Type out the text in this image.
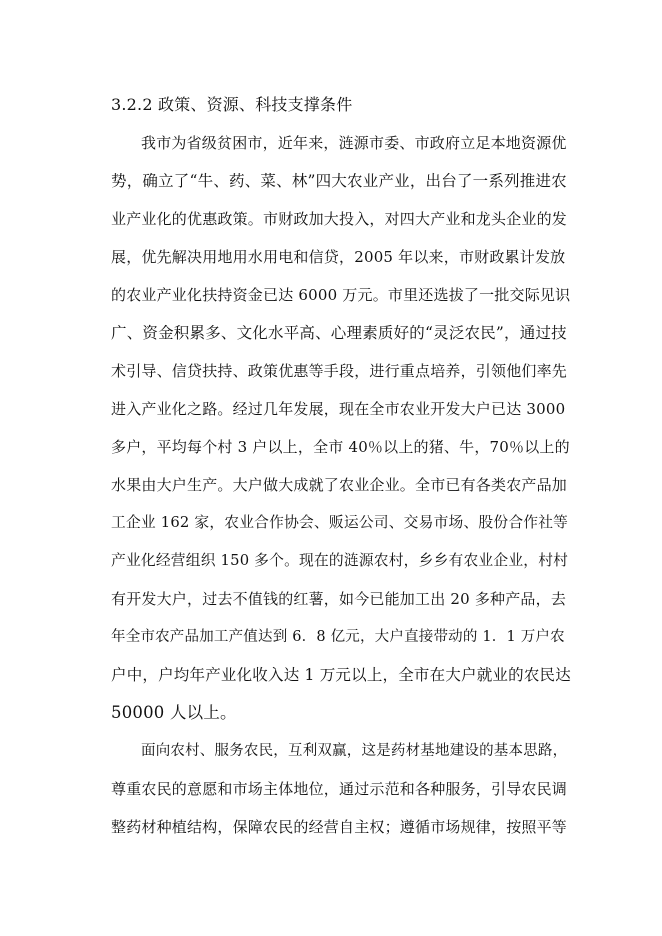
3.2.2 政策、资源、科技支撑条件
我市为省级贫困市，近年来，涟源市委、市政府立足本地资源优
势，确立了“牛、药、菜、林”四大农业产业，出台了一系列推进农
业产业化的优惠政策。市财政加大投入，对四大产业和龙头企业的发
展，优先解决用地用水用电和信贷，2005 年以来，市财政累计发放
的农业产业化扶持资金已达 6000 万元。市里还选拔了一批交际见识
广、资金积累多、文化水平高、心理素质好的“灵泛农民”，通过技
术引导、信贷扶持、政策优惠等手段，进行重点培养，引领他们率先
进入产业化之路。经过几年发展，现在全市农业开发大户已达 3000
多户，平均每个村 3 户以上，全市 40％以上的猪、牛，70％以上的
水果由大户生产。大户做大成就了农业企业。全市已有各类农产品加
工企业 162 家，农业合作协会、贩运公司、交易市场、股份合作社等
产业化经营组织 150 多个。现在的涟源农村，乡乡有农业企业，村村
有开发大户，过去不值钱的红薯，如今已能加工出 20 多种产品，去
年全市农产品加工产值达到 6．8 亿元，大户直接带动的 1．1 万户农
户中，户均年产业化收入达 1 万元以上，全市在大户就业的农民达
50000 人以上。
面向农村、服务农民，互利双赢，这是药材基地建设的基本思路，
尊重农民的意愿和市场主体地位，通过示范和各种服务，引导农民调
整药材种植结构，保障农民的经营自主权；遵循市场规律，按照平等
